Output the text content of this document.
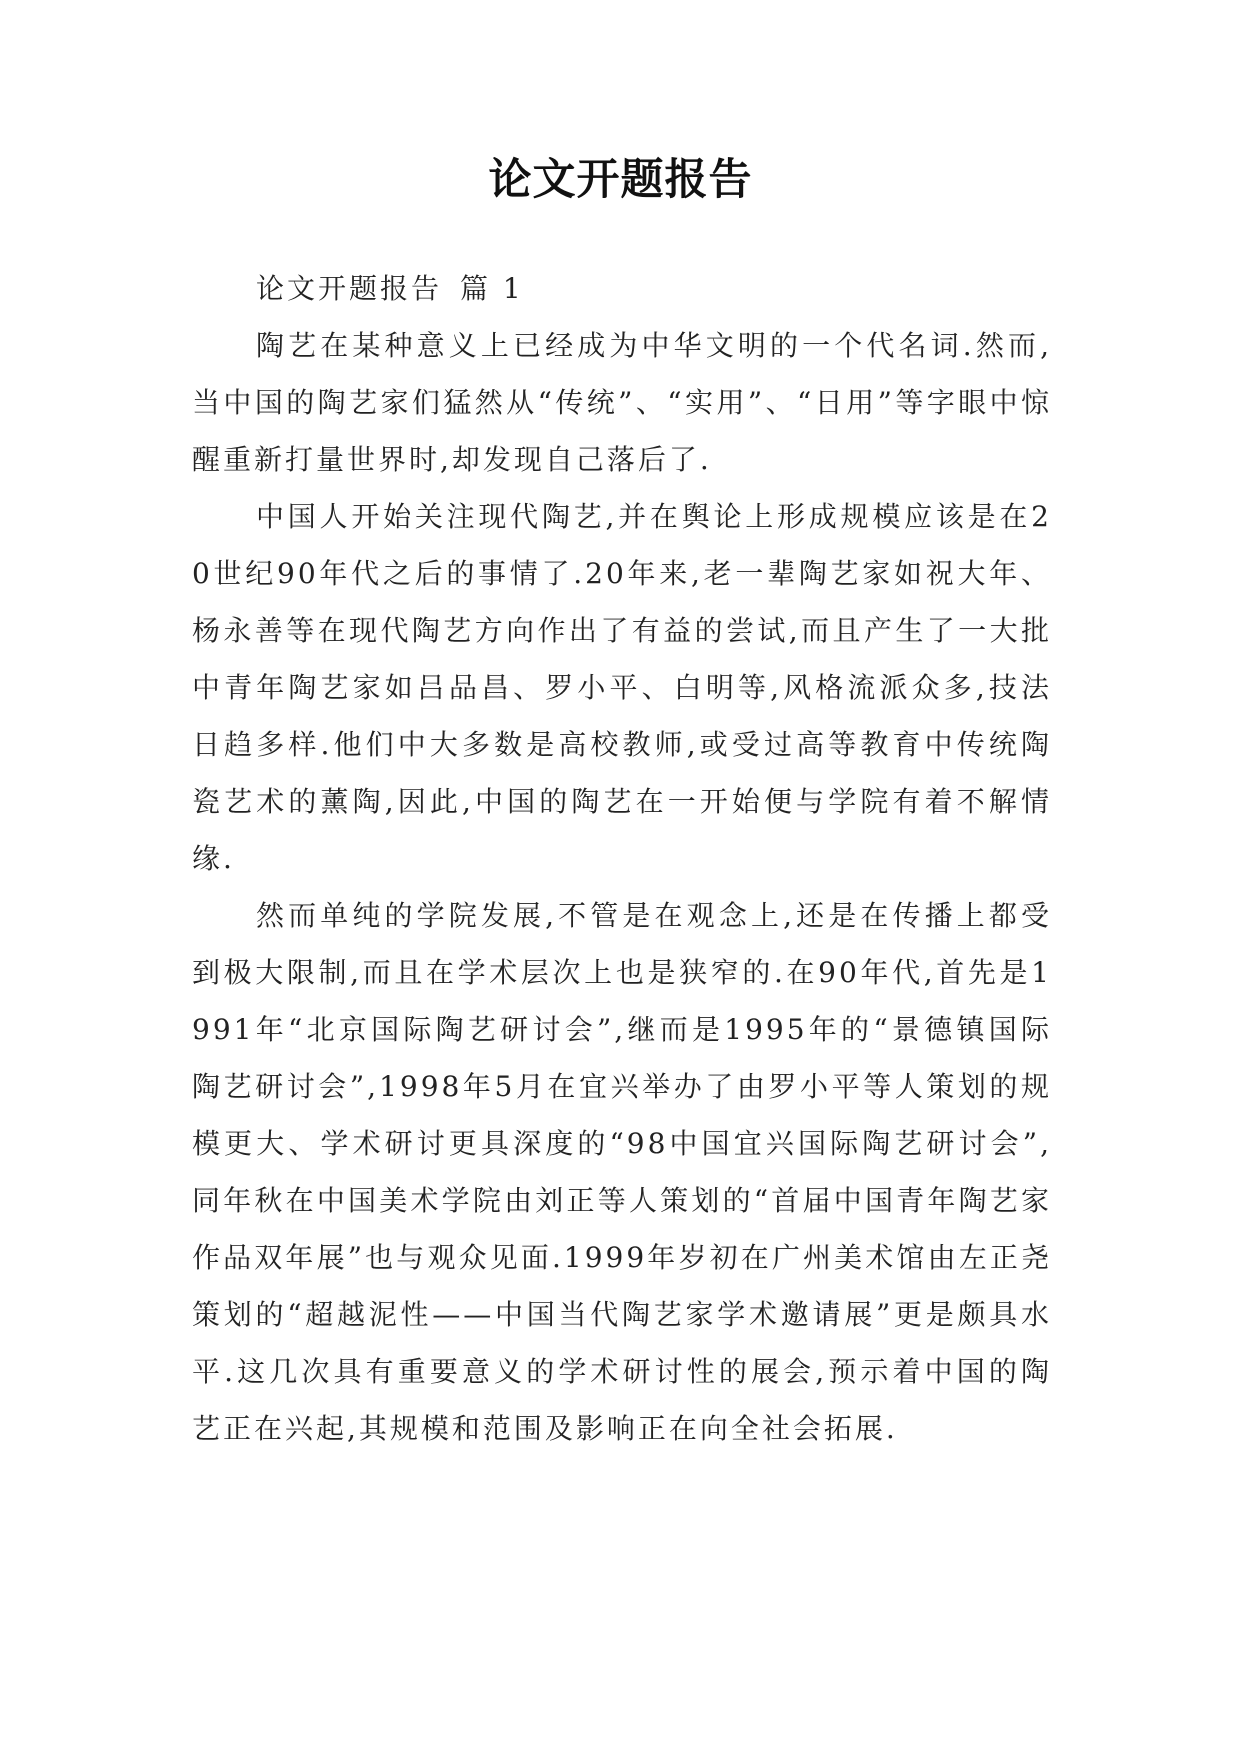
论文开题报告

论文开题报告 篇 1

陶艺在某种意义上已经成为中华文明的一个代名词.然而,当中国的陶艺家们猛然从“传统”、“实用”、“日用”等字眼中惊醒重新打量世界时,却发现自己落后了.

中国人开始关注现代陶艺,并在舆论上形成规模应该是在20世纪90年代之后的事情了.20年来,老一辈陶艺家如祝大年、杨永善等在现代陶艺方向作出了有益的尝试,而且产生了一大批中青年陶艺家如吕品昌、罗小平、白明等,风格流派众多,技法日趋多样.他们中大多数是高校教师,或受过高等教育中传统陶瓷艺术的薰陶,因此,中国的陶艺在一开始便与学院有着不解情缘.

然而单纯的学院发展,不管是在观念上,还是在传播上都受到极大限制,而且在学术层次上也是狭窄的.在90年代,首先是1991年“北京国际陶艺研讨会”,继而是1995年的“景德镇国际陶艺研讨会”,1998年5月在宜兴举办了由罗小平等人策划的规模更大、学术研讨更具深度的“98中国宜兴国际陶艺研讨会”,同年秋在中国美术学院由刘正等人策划的“首届中国青年陶艺家作品双年展”也与观众见面.1999年岁初在广州美术馆由左正尧策划的“超越泥性——中国当代陶艺家学术邀请展”更是颇具水平.这几次具有重要意义的学术研讨性的展会,预示着中国的陶艺正在兴起,其规模和范围及影响正在向全社会拓展.
